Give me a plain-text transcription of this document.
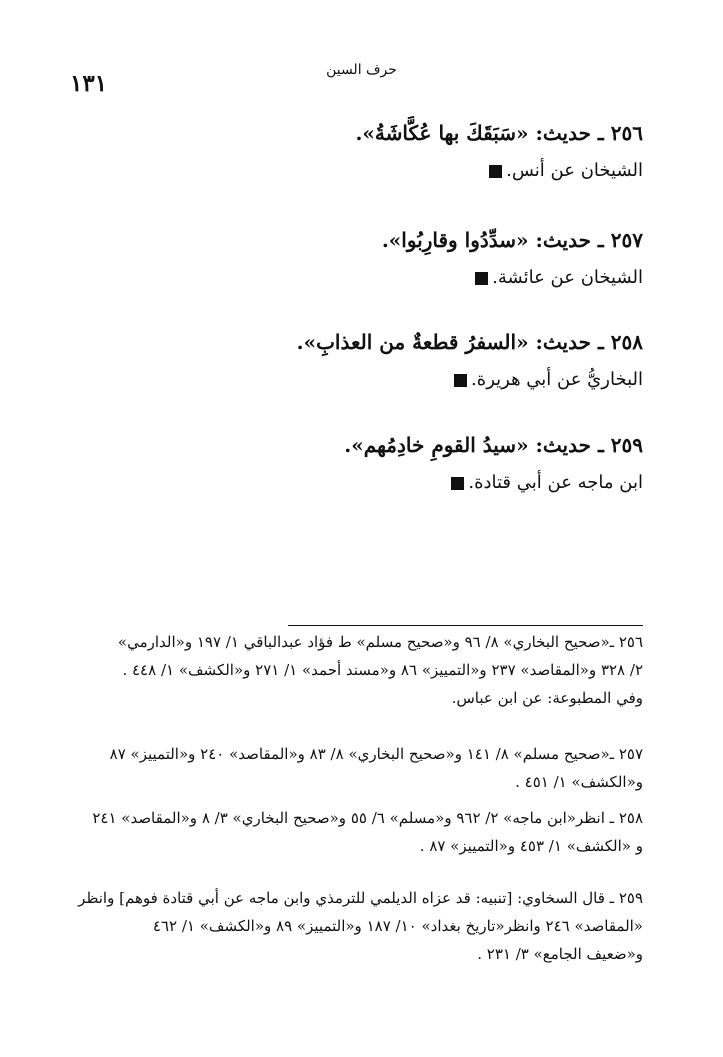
حرف السين
١٣١
٢٥٦ ـ حديث: «سَبَقَكَ بها عُكَّاشَةُ».
الشيخان عن أنس.
٢٥٧ ـ حديث: «سدِّدُوا وقارِبُوا».
الشيخان عن عائشة.
٢٥٨ ـ حديث: «السفرُ قطعةٌ من العذابِ».
البخاريُّ عن أبي هريرة.
٢٥٩ ـ حديث: «سيدُ القومِ خادِمُهم».
ابن ماجه عن أبي قتادة.
٢٥٦ ـ«صحيح البخاري» ٨/ ٩٦ و«صحيح مسلم» ط فؤاد عبدالباقي ١/ ١٩٧ و«الدارمي»
٢/ ٣٢٨ و«المقاصد» ٢٣٧ و«التمييز» ٨٦ و«مسند أحمد» ١/ ٢٧١ و«الكشف» ١/ ٤٤٨ .
وفي المطبوعة: عن ابن عباس.
٢٥٧ ـ«صحيح مسلم» ٨/ ١٤١ و«صحيح البخاري» ٨/ ٨٣ و«المقاصد» ٢٤٠ و«التمييز» ٨٧
و«الكشف» ١/ ٤٥١ .
٢٥٨ ـ انظر«ابن ماجه» ٢/ ٩٦٢ و«مسلم» ٦/ ٥٥ و«صحيح البخاري» ٣/ ٨ و«المقاصد» ٢٤١
و «الكشف» ١/ ٤٥٣ و«التمييز» ٨٧ .
٢٥٩ ـ قال السخاوي: [تنبيه: قد عزاه الديلمي للترمذي وابن ماجه عن أبي قتادة فوهم] وانظر
«المقاصد» ٢٤٦ وانظر«تاريخ بغداد» ١٠/ ١٨٧ و«التمييز» ٨٩ و«الكشف» ١/ ٤٦٢
و«ضعيف الجامع» ٣/ ٢٣١ .
